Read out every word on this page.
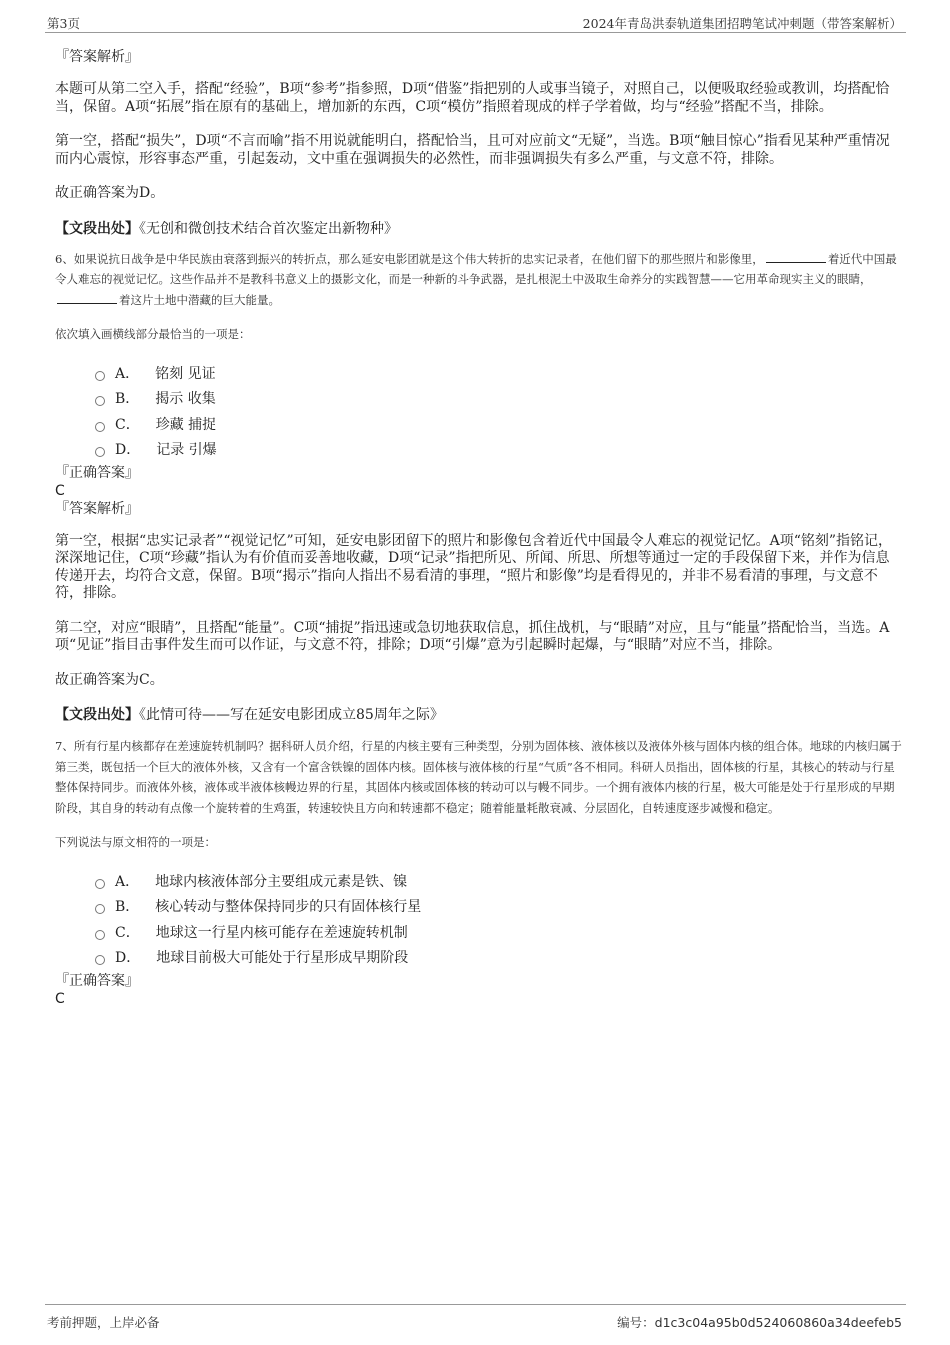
第3页	2024年青岛洪泰轨道集团招聘笔试冲刺题（带答案解析）
『答案解析』

本题可从第二空入手，搭配“经验”，B项“参考”指参照，D项“借鉴”指把别的人或事当镜子，对照自己，以便吸取经验或教训，均搭配恰当，保留。A项“拓展”指在原有的基础上，增加新的东西，C项“模仿”指照着现成的样子学着做，均与“经验”搭配不当，排除。

第一空，搭配“损失”，D项“不言而喻”指不用说就能明白，搭配恰当，且可对应前文“无疑”，当选。B项“触目惊心”指看见某种严重情况而内心震惊，形容事态严重，引起轰动，文中重在强调损失的必然性，而非强调损失有多么严重，与文意不符，排除。

故正确答案为D。

【文段出处】《无创和微创技术结合首次鉴定出新物种》

6、如果说抗日战争是中华民族由衰落到振兴的转折点，那么延安电影团就是这个伟大转折的忠实记录者，在他们留下的那些照片和影像里，	着近代中国最令人难忘的视觉记忆。这些作品并不是教科书意义上的摄影文化，而是一种新的斗争武器，是扎根泥土中汲取生命养分的实践智慧——它用革命现实主义的眼睛，着这片土地中潜藏的巨大能量。

依次填入画横线部分最恰当的一项是：

A． 铭刻 见证
B． 揭示 收集
C． 珍藏 捕捉
D． 记录 引爆
『正确答案』
C
『答案解析』

第一空，根据“忠实记录者”“视觉记忆”可知，延安电影团留下的照片和影像包含着近代中国最令人难忘的视觉记忆。A项“铭刻”指铭记，深深地记住，C项“珍藏”指认为有价值而妥善地收藏，D项“记录”指把所见、所闻、所思、所想等通过一定的手段保留下来，并作为信息传递开去，均符合文意，保留。B项“揭示”指向人指出不易看清的事理，“照片和影像”均是看得见的，并非不易看清的事理，与文意不符，排除。

第二空，对应“眼睛”，且搭配“能量”。C项“捕捉”指迅速或急切地获取信息，抓住战机，与“眼睛”对应，且与“能量”搭配恰当，当选。A项“见证”指目击事件发生而可以作证，与文意不符，排除；D项“引爆”意为引起瞬时起爆，与“眼睛”对应不当，排除。

故正确答案为C。

【文段出处】《此情可待——写在延安电影团成立85周年之际》

7、所有行星内核都存在差速旋转机制吗？据科研人员介绍，行星的内核主要有三种类型，分别为固体核、液体核以及液体外核与固体内核的组合体。地球的内核归属于第三类，既包括一个巨大的液体外核，又含有一个富含铁镍的固体内核。固体核与液体核的行星“气质”各不相同。科研人员指出，固体核的行星，其核心的转动与行星整体保持同步。而液体外核，液体或半液体核幔边界的行星，其固体内核或固体核的转动可以与幔不同步。一个拥有液体内核的行星，极大可能是处于行星形成的早期阶段，其自身的转动有点像一个旋转着的生鸡蛋，转速较快且方向和转速都不稳定；随着能量耗散衰减、分层固化，自转速度逐步减慢和稳定。

下列说法与原文相符的一项是：

A． 地球内核液体部分主要组成元素是铁、镍
B． 核心转动与整体保持同步的只有固体核行星
C． 地球这一行星内核可能存在差速旋转机制
D． 地球目前极大可能处于行星形成早期阶段
『正确答案』
C
考前押题，上岸必备	编号：d1c3c04a95b0d524060860a34deefeb5
